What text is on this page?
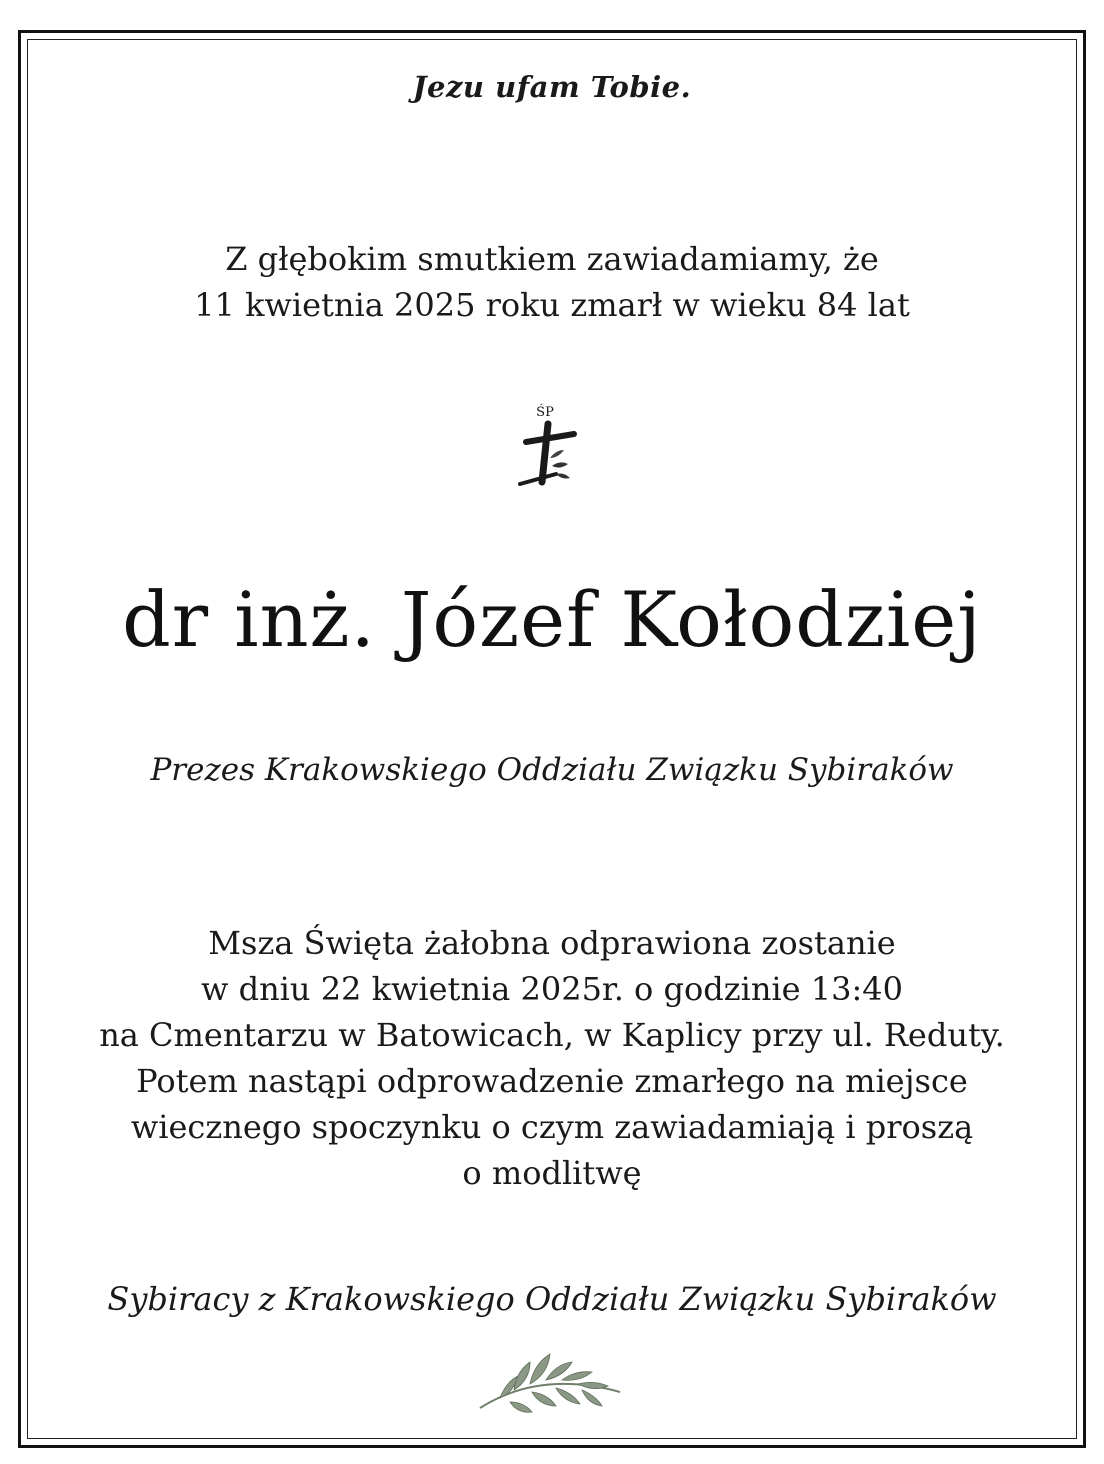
Jezu ufam Tobie.

Z głębokim smutkiem zawiadamiamy, że
11 kwietnia 2025 roku zmarł w wieku 84 lat

ŚP
dr inż. Józef Kołodziej

Prezes Krakowskiego Oddziału Związku Sybiraków

Msza Święta żałobna odprawiona zostanie
w dniu 22 kwietnia 2025r. o godzinie 13:40
na Cmentarzu w Batowicach, w Kaplicy przy ul. Reduty.
Potem nastąpi odprowadzenie zmarłego na miejsce
wiecznego spoczynku o czym zawiadamiają i proszą
o modlitwę

Sybiracy z Krakowskiego Oddziału Związku Sybiraków
